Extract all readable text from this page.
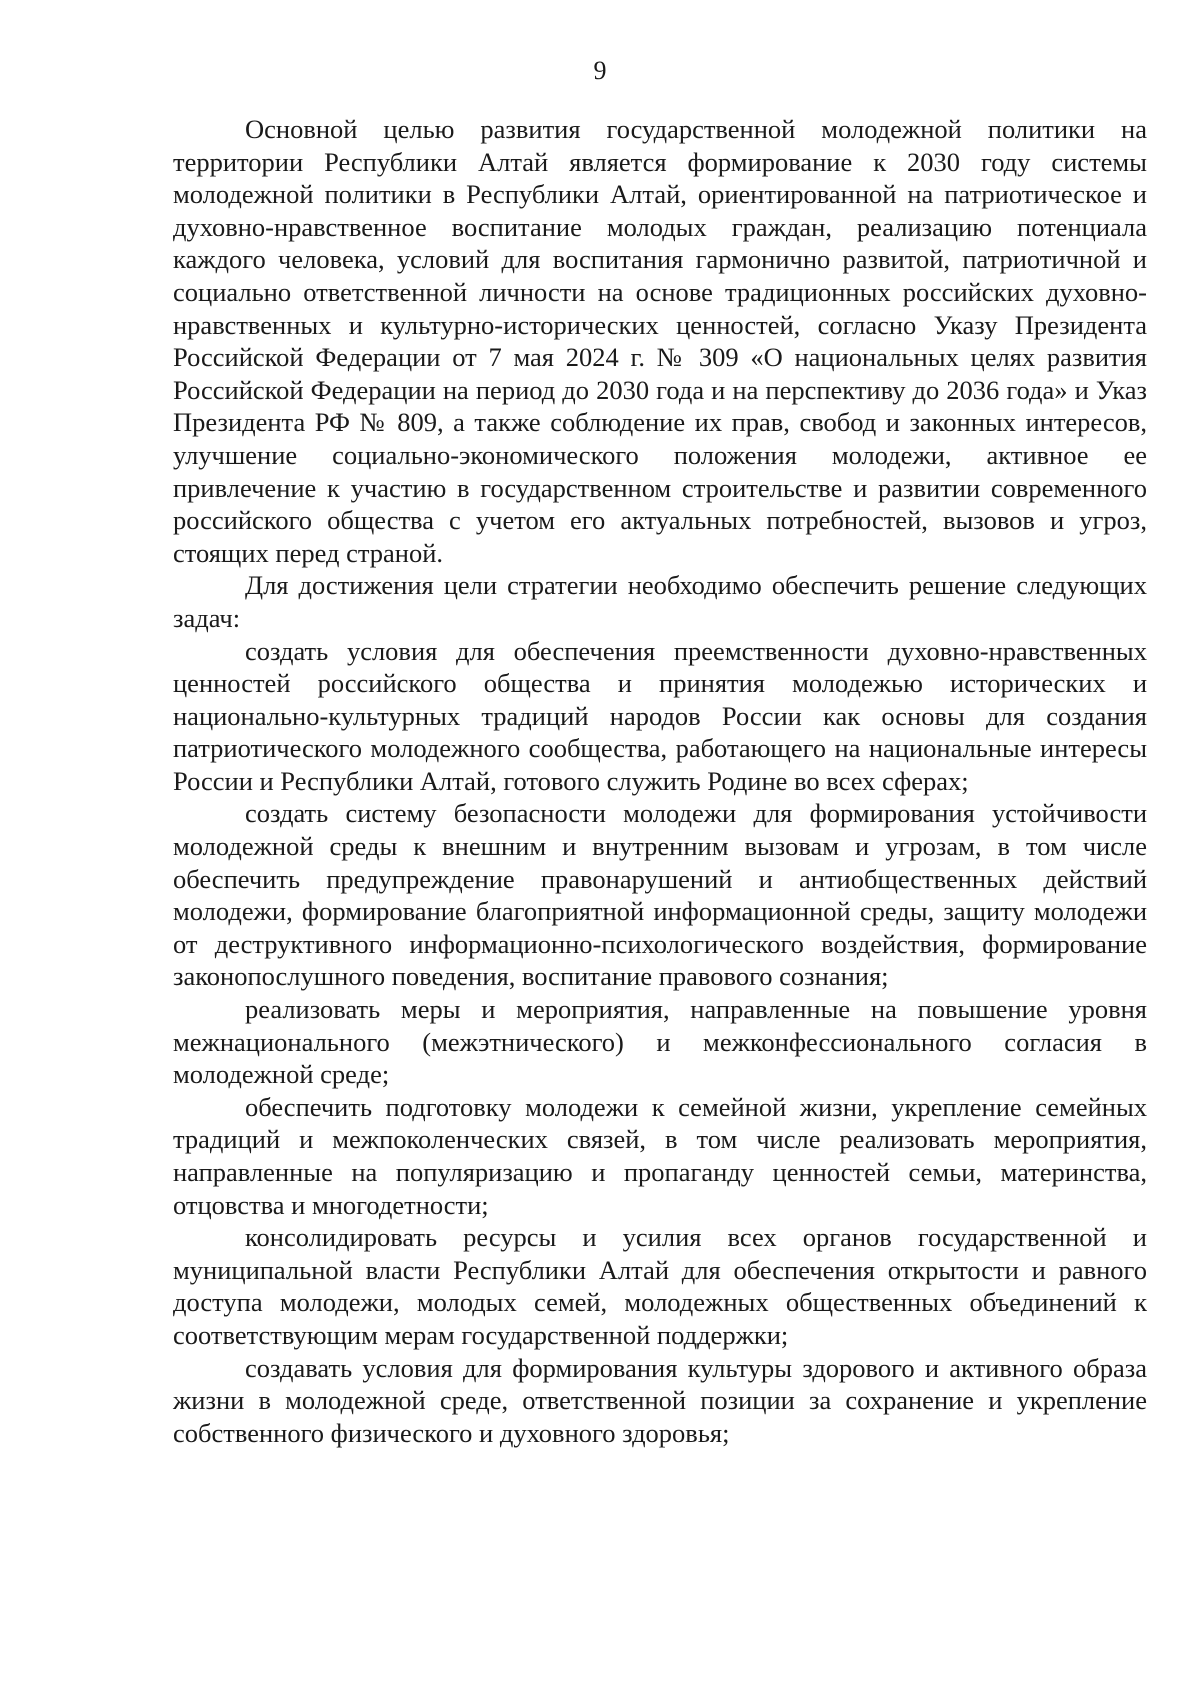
9

Основной целью развития государственной молодежной политики на территории Республики Алтай является формирование к 2030 году системы молодежной политики в Республики Алтай, ориентированной на патриотическое и духовно-нравственное воспитание молодых граждан, реализацию потенциала каждого человека, условий для воспитания гармонично развитой, патриотичной и социально ответственной личности на основе традиционных российских духовно-нравственных и культурно-исторических ценностей, согласно Указу Президента Российской Федерации от 7 мая 2024 г. № 309 «О национальных целях развития Российской Федерации на период до 2030 года и на перспективу до 2036 года» и Указ Президента РФ № 809, а также соблюдение их прав, свобод и законных интересов, улучшение социально-экономического положения молодежи, активное ее привлечение к участию в государственном строительстве и развитии современного российского общества с учетом его актуальных потребностей, вызовов и угроз, стоящих перед страной.

Для достижения цели стратегии необходимо обеспечить решение следующих задач:

создать условия для обеспечения преемственности духовно-нравственных ценностей российского общества и принятия молодежью исторических и национально-культурных традиций народов России как основы для создания патриотического молодежного сообщества, работающего на национальные интересы России и Республики Алтай, готового служить Родине во всех сферах;

создать систему безопасности молодежи для формирования устойчивости молодежной среды к внешним и внутренним вызовам и угрозам, в том числе обеспечить предупреждение правонарушений и антиобщественных действий молодежи, формирование благоприятной информационной среды, защиту молодежи от деструктивного информационно-психологического воздействия, формирование законопослушного поведения, воспитание правового сознания;

реализовать меры и мероприятия, направленные на повышение уровня межнационального (межэтнического) и межконфессионального согласия в молодежной среде;

обеспечить подготовку молодежи к семейной жизни, укрепление семейных традиций и межпоколенческих связей, в том числе реализовать мероприятия, направленные на популяризацию и пропаганду ценностей семьи, материнства, отцовства и многодетности;

консолидировать ресурсы и усилия всех органов государственной и муниципальной власти Республики Алтай для обеспечения открытости и равного доступа молодежи, молодых семей, молодежных общественных объединений к соответствующим мерам государственной поддержки;

создавать условия для формирования культуры здорового и активного образа жизни в молодежной среде, ответственной позиции за сохранение и укрепление собственного физического и духовного здоровья;
